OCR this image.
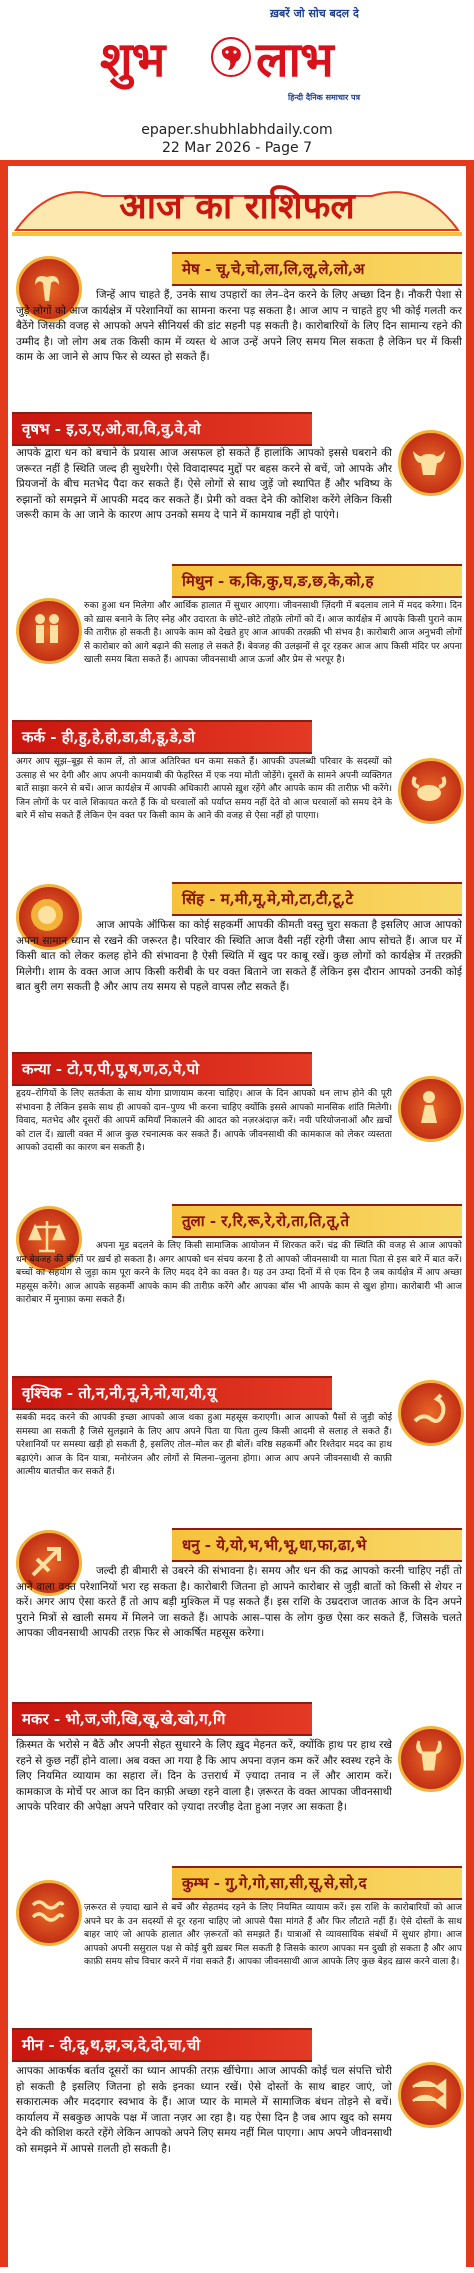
ख़बरें जो सोच बदल दे
शुभ लाभ
हिन्दी दैनिक समाचार पत्र
epaper.shubhlabhdaily.com
22 Mar 2026 - Page 7
आज का राशिफल
मेष - चू,चे,चो,ला,लि,लू,ले,लो,अ
जिन्हें आप चाहते हैं, उनके साथ उपहारों का लेन–देन करने के लिए अच्छा दिन है। नौकरी पेशा से जुड़े लोगों को आज कार्यक्षेत्र में परेशानियों का सामना करना पड़ सकता है। आज आप न चाहते हुए भी कोई गलती कर बैठेंगे जिसकी वजह से आपको अपने सीनियर्स की डांट सहनी पड़ सकती है। कारोबारियों के लिए दिन सामान्य रहने की उम्मीद है। जो लोग अब तक किसी काम में व्यस्त थे आज उन्हें अपने लिए समय मिल सकता है लेकिन घर में किसी काम के आ जाने से आप फिर से व्यस्त हो सकते हैं।
वृषभ - इ,उ,ए,ओ,वा,वि,वु,वे,वो
आपके द्वारा धन को बचाने के प्रयास आज असफल हो सकते हैं हालांकि आपको इससे घबराने की जरूरत नहीं है स्थिति जल्द ही सुधरेगी। ऐसे विवादास्पद मुद्दों पर बहस करने से बचें, जो आपके और प्रियजनों के बीच मतभेद पैदा कर सकते हैं। ऐसे लोगों से साथ जुड़ें जो स्थापित हैं और भविष्य के रुझानों को समझने में आपकी मदद कर सकते हैं। प्रेमी को वक्त देने की कोशिश करेंगे लेकिन किसी जरूरी काम के आ जाने के कारण आप उनको समय दे पाने में कामयाब नहीं हो पाएंगे।
मिथुन - क,कि,कु,घ,ङ,छ,के,को,ह
रुका हुआ धन मिलेगा और आर्थिक हालात में सुधार आएगा। जीवनसाथी ज़िंदगी में बदलाव लाने में मदद करेगा। दिन को ख़ास बनाने के लिए स्नेह और उदारता के छोटे–छोटे तोहफ़े लोगों को दें। आज कार्यक्षेत्र में आपके किसी पुराने काम की तारीफ़ हो सकती है। आपके काम को देखते हुए आज आपकी तरक़्क़ी भी संभव है। कारोबारी आज अनुभवी लोगों से कारोबार को आगे बढ़ाने की सलाह ले सकते हैं। बेवजह की उलझनों से दूर रहकर आज आप किसी मंदिर पर अपना खाली समय बिता सकते हैं। आपका जीवनसाथी आज ऊर्जा और प्रेम से भरपूर है।
कर्क - ही,हु,हे,हो,डा,डी,डू,डे,डो
अगर आप सूझ–बूझ से काम लें, तो आज अतिरिक्त धन कमा सकते हैं। आपकी उपलब्धी परिवार के सदस्यों को उत्साह से भर देगी और आप अपनी कामयाबी की फेहरिस्त में एक नया मोती जोड़ेंगे। दूसरों के सामने अपनी व्यक्तिगत बातें साझा करने से बचें। आज कार्यक्षेत्र में आपकी अधिकारी आपसे ख़ुश रहेंगे और आपके काम की तारीफ़ भी करेंगे। जिन लोगों के पर वाले शिकायत करते हैं कि वो घरवालों को पर्याप्त समय नहीं देते वो आज घरवालों को समय देने के बारे में सोच सकते हैं लेकिन ऐन वक्त पर किसी काम के आने की वजह से ऐसा नहीं हो पाएगा।
सिंह - म,मी,मू,मे,मो,टा,टी,टू,टे
आज आपके ऑफिस का कोई सहकर्मी आपकी कीमती वस्तु चुरा सकता है इसलिए आज आपको अपना सामान ध्यान से रखने की जरूरत है। परिवार की स्थिति आज वैसी नहीं रहेगी जैसा आप सोचते हैं। आज घर में किसी बात को लेकर कलह होने की संभावना है ऐसी स्थिति में खुद पर काबू रखें। कुछ लोगों को कार्यक्षेत्र में तरक़्क़ी मिलेगी। शाम के वक्त आज आप किसी करीबी के घर वक्त बिताने जा सकते हैं लेकिन इस दौरान आपको उनकी कोई बात बुरी लग सकती है और आप तय समय से पहले वापस लौट सकते हैं।
कन्या - टो,प,पी,पू,ष,ण,ठ,पे,पो
हृदय–रोगियों के लिए सतर्कता के साथ योगा प्राणायाम करना चाहिए। आज के दिन आपको धन लाभ होने की पूरी संभावना है लेकिन इसके साथ ही आपको दान–पुण्य भी करना चाहिए क्योंकि इससे आपको मानसिक शांति मिलेगी। विवाद, मतभेद और दूसरों की आपमें कमियाँ निकालने की आदत को नज़रअंदाज़ करें। नयी परियोजनाओं और ख़र्चों को टाल दें। ख़ाली वक्त में आज कुछ रचनात्मक कर सकते हैं। आपके जीवनसाथी की कामकाज को लेकर व्यस्तता आपको उदासी का कारण बन सकती है।
तुला - र,रि,रू,रे,रो,ता,ति,तू,ते
अपना मूड बदलने के लिए किसी सामाजिक आयोजन में शिरकत करें। चंद्र की स्थिति की वजह से आज आपको धन बेवजह की चीज़ों पर ख़र्च हो सकता है। अगर आपको धन संचय करना है तो आपको जीवनसाथी या माता पिता से इस बारे में बात करें। बच्चों का सहयोग से जुड़ा काम पूरा करने के लिए मदद देने का वक्त है। यह उन उम्दा दिनों में से एक दिन है जब कार्यक्षेत्र में आप अच्छा महसूस करेंगे। आज आपके सहकर्मी आपके काम की तारीफ़ करेंगे और आपका बॉस भी आपके काम से खुश होगा। कारोबारी भी आज कारोबार में मुनाफ़ा कमा सकते हैं।
वृश्चिक - तो,न,नी,नू,ने,नो,या,यी,यू
सबकी मदद करने की आपकी इच्छा आपको आज थका हुआ महसूस कराएगी। आज आपको पैसों से जुड़ी कोई समस्या आ सकती है जिसे सुलझाने के लिए आप अपने पिता या पिता तुल्य किसी आदमी से सलाह ले सकते हैं। परेशानियों पर समस्या खड़ी हो सकती है, इसलिए तोल–मोल कर ही बोलें। वरिष्ठ सहकर्मी और रिश्तेदार मदद का हाथ बढ़ाएंगे। आज के दिन यात्रा, मनोरंजन और लोगों से मिलना–जुलना होगा। आज आप अपने जीवनसाथी से काफ़ी आत्मीय बातचीत कर सकते हैं।
धनु - ये,यो,भ,भी,भू,धा,फा,ढा,भे
जल्दी ही बीमारी से उबरने की संभावना है। समय और धन की कद्र आपको करनी चाहिए नहीं तो आने वाला वक्त परेशानियों भरा रह सकता है। कारोबारी जितना हो आपने कारोबार से जुड़ी बातों को किसी से शेयर न करें। अगर आप ऐसा करते हैं तो आप बड़ी मुश्किल में पड़ सकते हैं। इस राशि के उम्रदराज जातक आज के दिन अपने पुराने मित्रों से खाली समय में मिलने जा सकते हैं। आपके आस–पास के लोग कुछ ऐसा कर सकते हैं, जिसके चलते आपका जीवनसाथी आपकी तरफ़ फिर से आकर्षित महसूस करेगा।
मकर - भो,ज,जी,खि,खू,खे,खो,ग,गि
क़िस्मत के भरोसे न बैठें और अपनी सेहत सुधारने के लिए ख़ुद मेहनत करें, क्योंकि ह़ाथ पर हाथ रखे रहने से कुछ नहीं होने वाला। अब वक्त आ गया है कि आप अपना वज़न कम करें और स्वस्थ रहने के लिए नियमित व्यायाम का सहारा लें। दिन के उत्तरार्ध में ज़्यादा तनाव न लें और आराम करें। कामकाज के मोर्चे पर आज का दिन काफ़ी अच्छा रहने वाला है। ज़रूरत के वक्त आपका जीवनसाथी आपके परिवार की अपेक्षा अपने परिवार को ज़्यादा तरजीह देता हुआ नज़र आ सकता है।
कुम्भ - गु,गे,गो,सा,सी,सू,से,सो,द
ज़रूरत से ज़्यादा खाने से बचें और सेहतमंद रहने के लिए नियमित व्यायाम करें। इस राशि के कारोबारियों को आज अपने घर के उन सदस्यों से दूर रहना चाहिए जो आपसे पैसा मांगते हैं और फिर लौटाते नहीं हैं। ऐसे दोस्तों के साथ बाहर जाएं जो आपके हालात और ज़रूरतों को समझते हैं। यात्राओं से व्यावसायिक संबंधों में सुधार होगा। आज आपको अपनी ससुराल पक्ष से कोई बुरी ख़बर मिल सकती है जिसके कारण आपका मन दुखी हो सकता है और आप काफ़ी समय सोच विचार करने में गंवा सकते हैं। आपका जीवनसाथी आज आपके लिए कुछ बेहद ख़ास करने वाला है।
मीन - दी,दू,थ,झ,ञ,दे,दो,चा,ची
आपका आकर्षक बर्ताव दूसरों का ध्यान आपकी तरफ़ खींचेगा। आज आपकी कोई चल संपत्ति चोरी हो सकती है इसलिए जितना हो सके इनका ध्यान रखें। ऐसे दोस्तों के साथ बाहर जाएं, जो सकारात्मक और मददगार स्वभाव के हैं। आज प्यार के मामले में सामाजिक बंधन तोड़ने से बचें। कार्यालय में सबकुछ आपके पक्ष में जाता नज़र आ रहा है। यह ऐसा दिन है जब आप खुद को समय देने की कोशिश करते रहेंगे लेकिन आपको अपने लिए समय नहीं मिल पाएगा। आप अपने जीवनसाथी को समझने में आपसे ग़लती हो सकती है।
